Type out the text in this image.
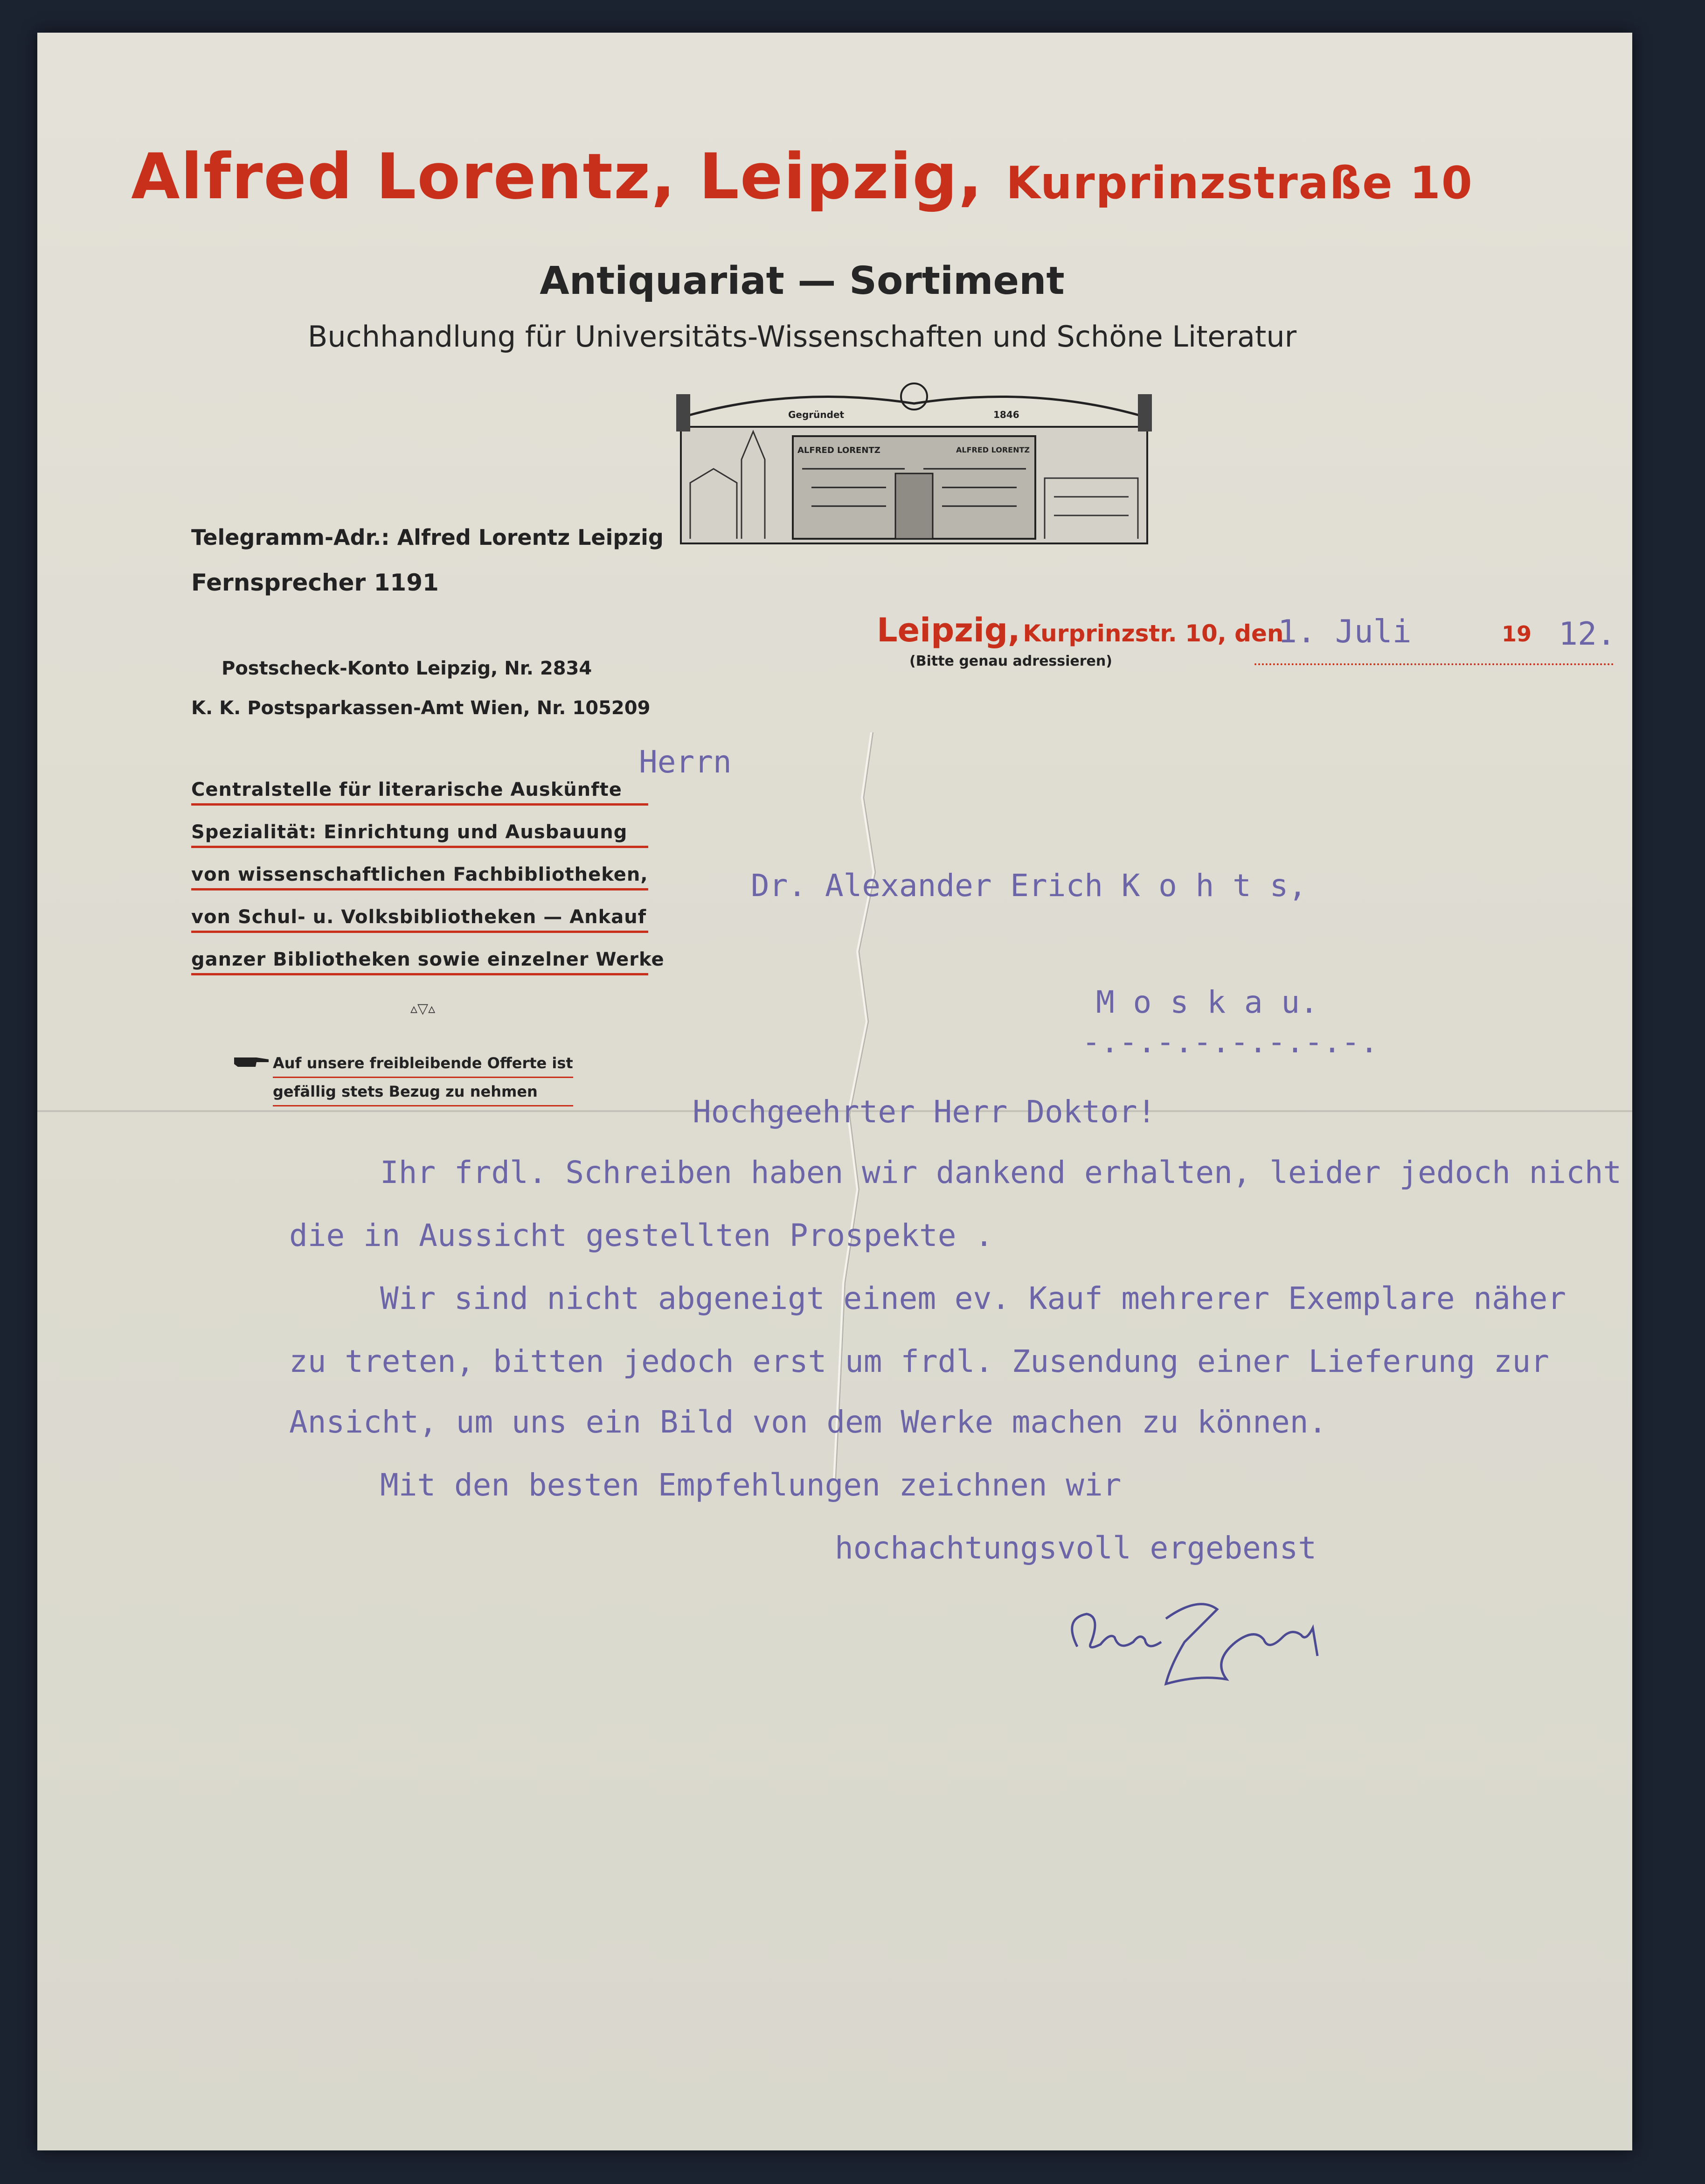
Alfred Lorentz, Leipzig, Kurprinzstraße 10
Antiquariat — Sortiment
Buchhandlung für Universitäts-Wissenschaften und Schöne Literatur
Gegründet	1846
ALFRED LORENTZ	ALFRED LORENTZ
Telegramm-Adr.: Alfred Lorentz Leipzig
Fernsprecher 1191
Postscheck-Konto Leipzig, Nr. 2834
K. K. Postsparkassen-Amt Wien, Nr. 105209
Centralstelle für literarische Auskünfte
Spezialität: Einrichtung und Ausbauung
von wissenschaftlichen Fachbibliotheken,
von Schul- u. Volksbibliotheken — Ankauf
ganzer Bibliotheken sowie einzelner Werke
▵▽▵
Auf unsere freibleibende Offerte ist
gefällig stets Bezug zu nehmen
Leipzig, Kurprinzstr. 10, den
1. Juli	19 12.
(Bitte genau adressieren)
Herrn
Dr. Alexander Erich K o h t s,
M o s k a u.
-.-.-.-.-.-.-.-.
Hochgeehrter Herr Doktor!
Ihr frdl. Schreiben haben wir dankend erhalten, leider jedoch nicht
die in Aussicht gestellten Prospekte .
Wir sind nicht abgeneigt einem ev. Kauf mehrerer Exemplare näher
zu treten, bitten jedoch erst um frdl. Zusendung einer Lieferung zur
Ansicht, um uns ein Bild von dem Werke machen zu können.
Mit den besten Empfehlungen zeichnen wir
hochachtungsvoll ergebenst
